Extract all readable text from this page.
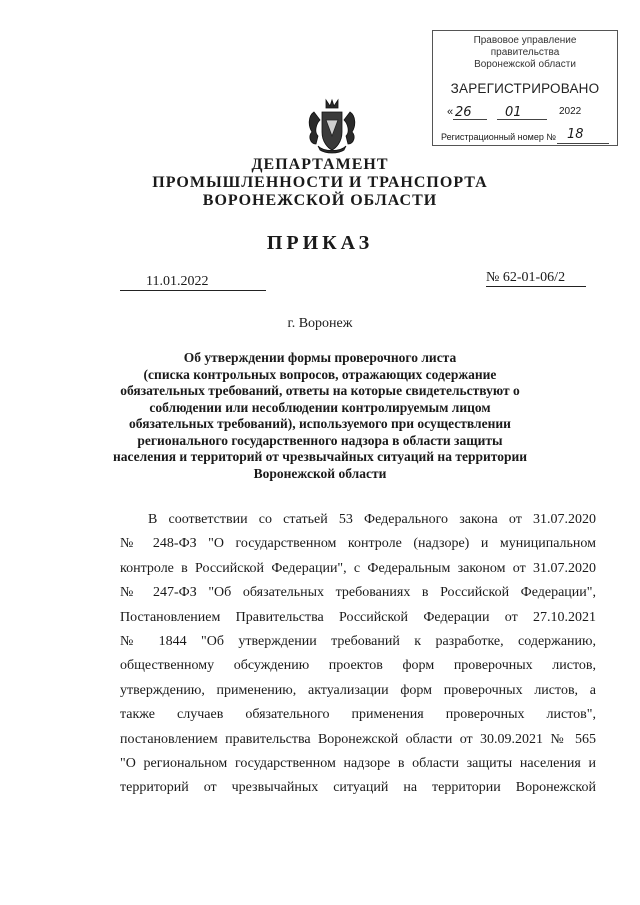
Правовое управление правительства
Воронежской области
ЗАРЕГИСТРИРОВАНО
« 26	01	2022
Регистрационный номер № 18
ДЕПАРТАМЕНТ
ПРОМЫШЛЕННОСТИ И ТРАНСПОРТА
ВОРОНЕЖСКОЙ ОБЛАСТИ
ПРИКАЗ
11.01.2022	№ 62-01-06/2
г. Воронеж
Об утверждении формы проверочного листа
(списка контрольных вопросов, отражающих содержание
обязательных требований, ответы на которые свидетельствуют о
соблюдении или несоблюдении контролируемым лицом
обязательных требований), используемого при осуществлении
регионального государственного надзора в области защиты
населения и территорий от чрезвычайных ситуаций на территории
Воронежской области
В соответствии со статьей 53 Федерального закона от 31.07.2020
№ 248-ФЗ "О государственном контроле (надзоре) и муниципальном
контроле в Российской Федерации", с Федеральным законом от 31.07.2020
№ 247-ФЗ "Об обязательных требованиях в Российской Федерации",
Постановлением Правительства Российской Федерации от 27.10.2021
№ 1844 "Об утверждении требований к разработке, содержанию,
общественному обсуждению проектов форм проверочных листов,
утверждению, применению, актуализации форм проверочных листов, а
также случаев обязательного применения проверочных листов",
постановлением правительства Воронежской области от 30.09.2021 № 565
"О региональном государственном надзоре в области защиты населения и
территорий от чрезвычайных ситуаций на территории Воронежской
